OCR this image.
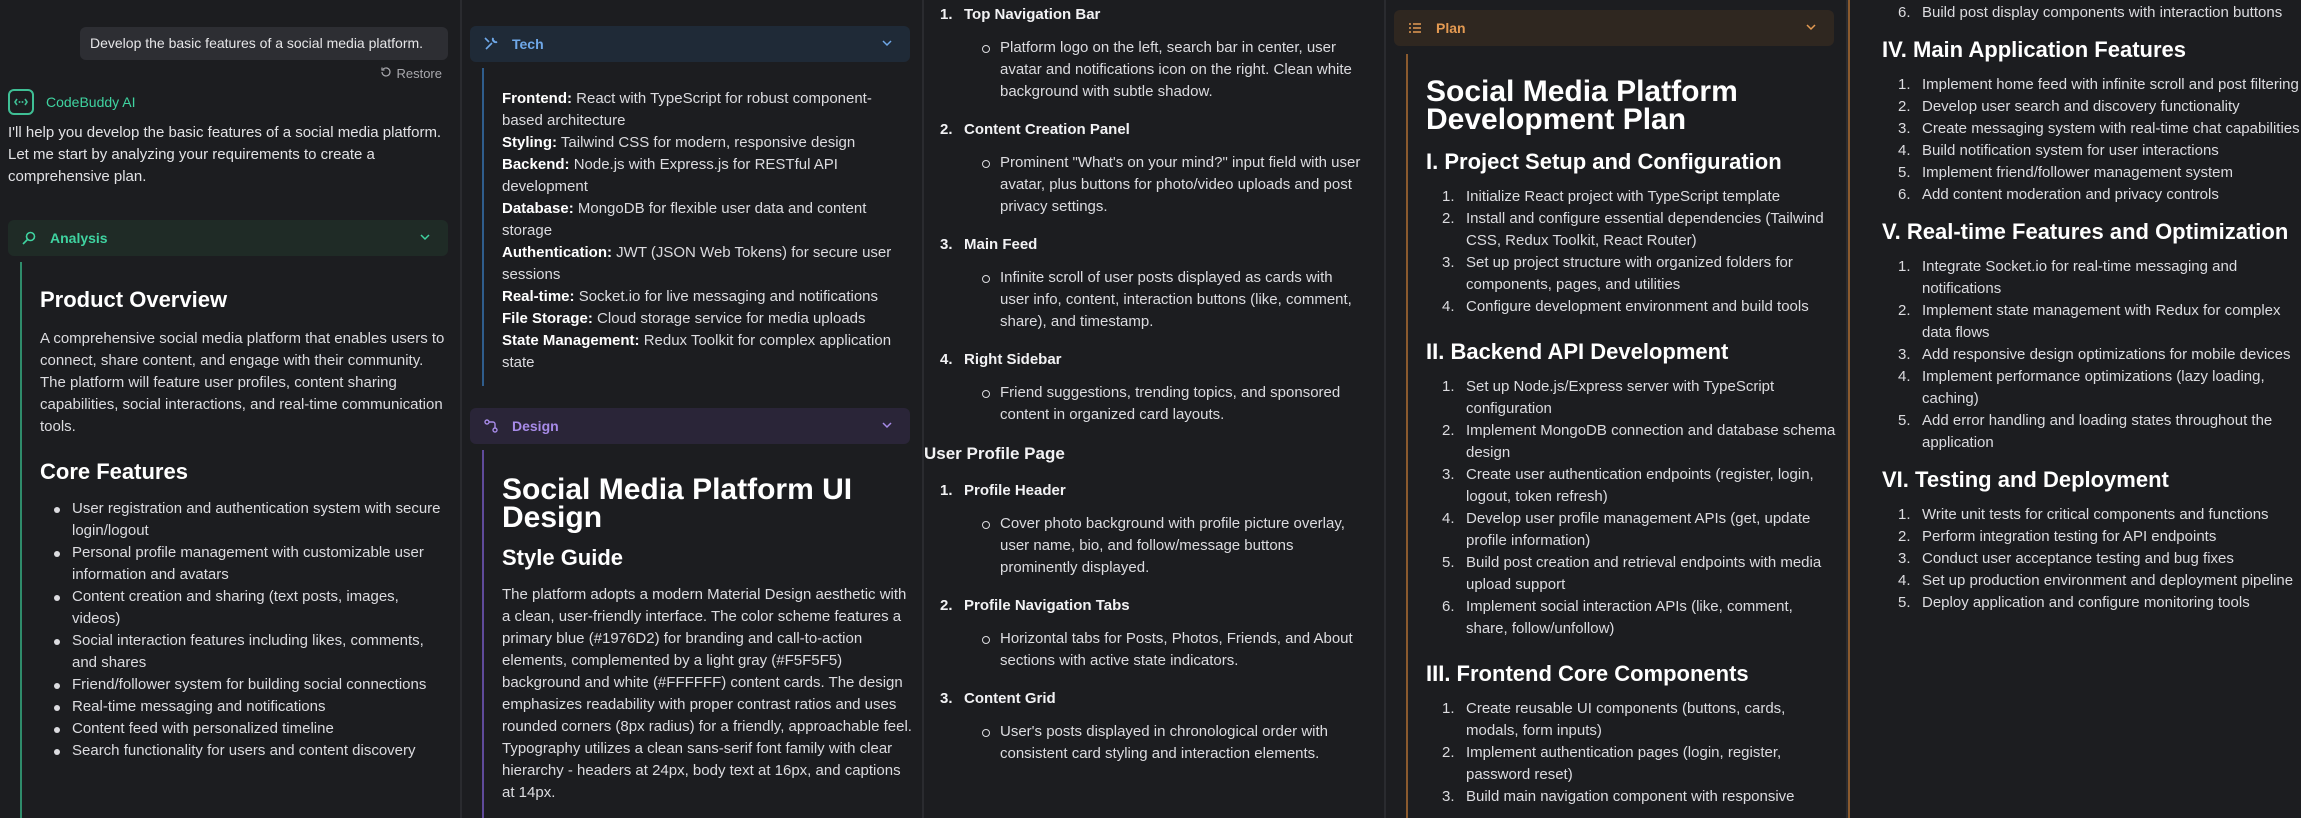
Develop the basic features of a social media platform.
Restore
CodeBuddy AI
I'll help you develop the basic features of a social media platform. Let me start by analyzing your requirements to create a comprehensive plan.
Analysis
Product Overview

A comprehensive social media platform that enables users to connect, share content, and engage with their community. The platform will feature user profiles, content sharing capabilities, social interactions, and real-time communication tools.

Core Features
User registration and authentication system with secure login/logout
Personal profile management with customizable user information and avatars
Content creation and sharing (text posts, images, videos)
Social interaction features including likes, comments, and shares
Friend/follower system for building social connections
Real-time messaging and notifications
Content feed with personalized timeline
Search functionality for users and content discovery
Tech

Frontend: React with TypeScript for robust component-based architecture

Styling: Tailwind CSS for modern, responsive design

Backend: Node.js with Express.js for RESTful API development

Database: MongoDB for flexible user data and content storage

Authentication: JWT (JSON Web Tokens) for secure user sessions

Real-time: Socket.io for live messaging and notifications

File Storage: Cloud storage service for media uploads

State Management: Redux Toolkit for complex application state

Design
Social Media Platform UI Design
Style Guide

The platform adopts a modern Material Design aesthetic with a clean, user-friendly interface. The color scheme features a primary blue (#1976D2) for branding and call-to-action elements, complemented by a light gray (#F5F5F5) background and white (#FFFFFF) content cards. The design emphasizes readability with proper contrast ratios and uses rounded corners (8px radius) for a friendly, approachable feel. Typography utilizes a clean sans-serif font family with clear hierarchy - headers at 24px, body text at 16px, and captions at 14px.

1. Top Navigation Bar
Platform logo on the left, search bar in center, user avatar and notifications icon on the right. Clean white background with subtle shadow.
2. Content Creation Panel
Prominent "What's on your mind?" input field with user avatar, plus buttons for photo/video uploads and post privacy settings.
3. Main Feed
Infinite scroll of user posts displayed as cards with user info, content, interaction buttons (like, comment, share), and timestamp.
4. Right Sidebar
Friend suggestions, trending topics, and sponsored content in organized card layouts.
User Profile Page
1. Profile Header
Cover photo background with profile picture overlay, user name, bio, and follow/message buttons prominently displayed.
2. Profile Navigation Tabs
Horizontal tabs for Posts, Photos, Friends, and About sections with active state indicators.
3. Content Grid
User's posts displayed in chronological order with consistent card styling and interaction elements.
Plan
Social Media Platform Development Plan
I. Project Setup and Configuration
1. Initialize React project with TypeScript template
2. Install and configure essential dependencies (Tailwind CSS, Redux Toolkit, React Router)
3. Set up project structure with organized folders for components, pages, and utilities
4. Configure development environment and build tools
II. Backend API Development
1. Set up Node.js/Express server with TypeScript configuration
2. Implement MongoDB connection and database schema design
3. Create user authentication endpoints (register, login, logout, token refresh)
4. Develop user profile management APIs (get, update profile information)
5. Build post creation and retrieval endpoints with media upload support
6. Implement social interaction APIs (like, comment, share, follow/unfollow)
III. Frontend Core Components
1. Create reusable UI components (buttons, cards, modals, form inputs)
2. Implement authentication pages (login, register, password reset)
3. Build main navigation component with responsive
6. Build post display components with interaction buttons
IV. Main Application Features
1. Implement home feed with infinite scroll and post filtering
2. Develop user search and discovery functionality
3. Create messaging system with real-time chat capabilities
4. Build notification system for user interactions
5. Implement friend/follower management system
6. Add content moderation and privacy controls
V. Real-time Features and Optimization
1. Integrate Socket.io for real-time messaging and notifications
2. Implement state management with Redux for complex data flows
3. Add responsive design optimizations for mobile devices
4. Implement performance optimizations (lazy loading, caching)
5. Add error handling and loading states throughout the application
VI. Testing and Deployment
1. Write unit tests for critical components and functions
2. Perform integration testing for API endpoints
3. Conduct user acceptance testing and bug fixes
4. Set up production environment and deployment pipeline
5. Deploy application and configure monitoring tools
